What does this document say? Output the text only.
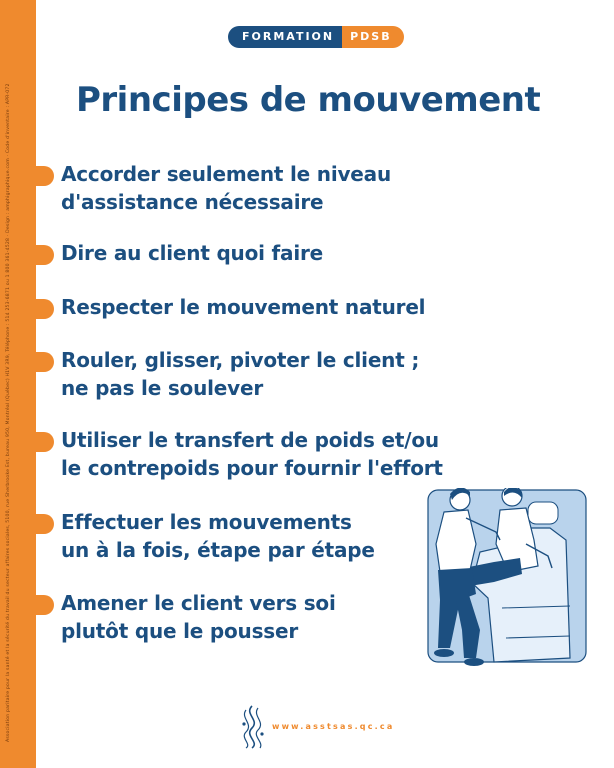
Association paritaire pour la santé et la sécurité du travail du secteur affaires sociales, 5100, rue Sherbrooke Est, bureau 950, Montréal (Québec) H1V 3R9, Téléphone : 514 253-6871 ou 1 800 361-4528 · Design : amphigraphique.com · Code d'inventaire : APR-072
FORMATION	PDSB
Principes de mouvement

Accorder seulement le niveau
d'assistance nécessaire

Dire au client quoi faire

Respecter le mouvement naturel

Rouler, glisser, pivoter le client ;
ne pas le soulever

Utiliser le transfert de poids et/ou
le contrepoids pour fournir l'effort

Effectuer les mouvements
un à la fois, étape par étape

Amener le client vers soi
plutôt que le pousser

www.asstsas.qc.ca
